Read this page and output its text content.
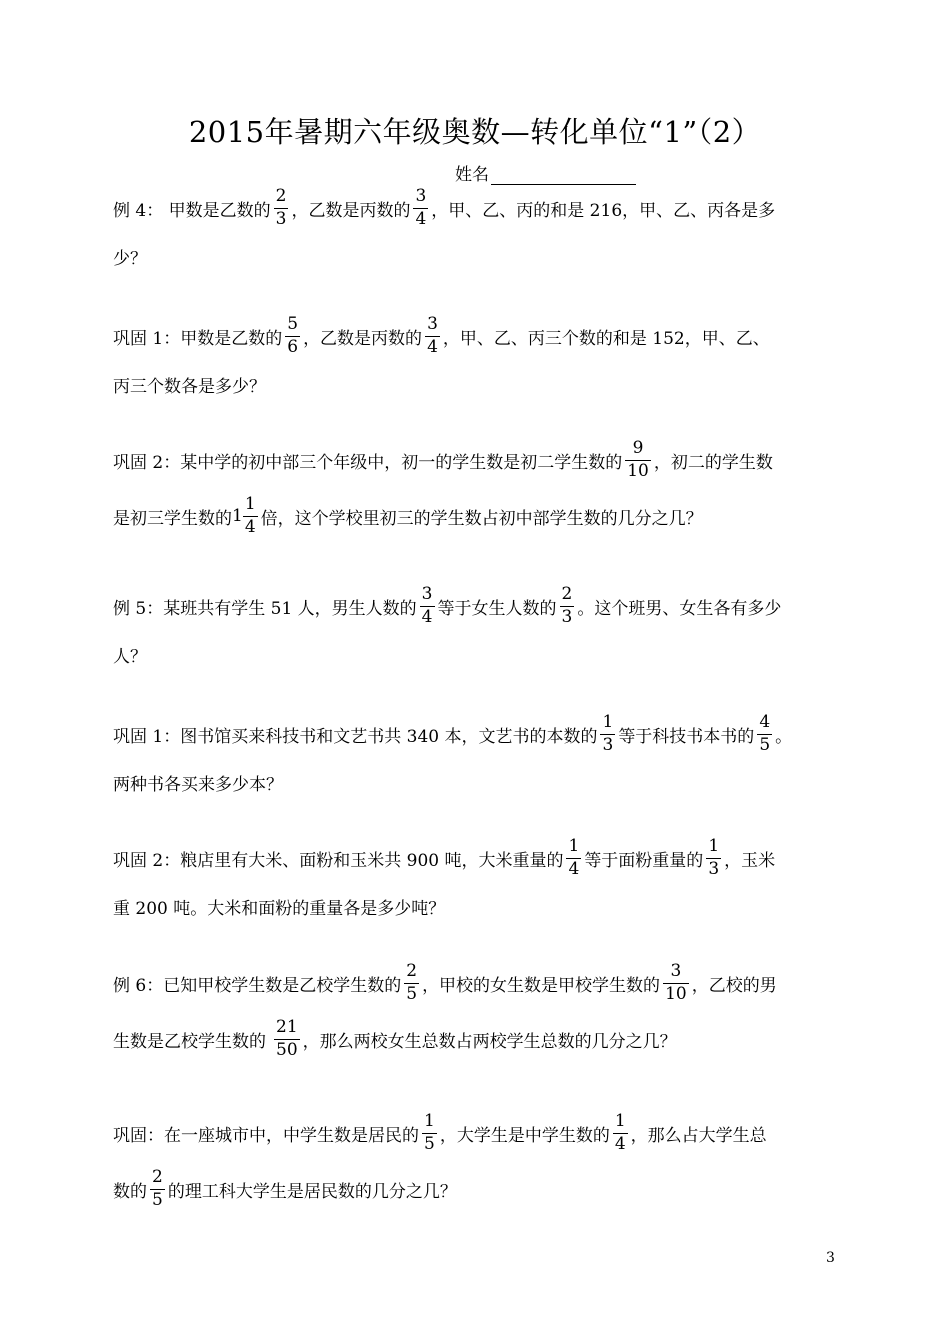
2015年暑期六年级奥数—转化单位“1”（2）
姓名
例 4： 甲数是乙数的 $\frac{2}{3}$ ，乙数是丙数的 $\frac{3}{4}$ ，甲、乙、丙的和是 216，甲、乙、丙各是多
少？
巩固 1：甲数是乙数的 $\frac{5}{6}$ ，乙数是丙数的 $\frac{3}{4}$ ，甲、乙、丙三个数的和是 152，甲、乙、
丙三个数各是多少？
巩固 2：某中学的初中部三个年级中，初一的学生数是初二学生数的 $\frac{9}{10}$ ，初二的学生数
是初三学生数的 $1 \frac{1}{4}$ 倍，这个学校里初三的学生数占初中部学生数的几分之几？
例 5：某班共有学生 51 人，男生人数的 $\frac{3}{4}$ 等于女生人数的 $\frac{2}{3}$ 。这个班男、女生各有多少
人？
巩固 1：图书馆买来科技书和文艺书共 340 本，文艺书的本数的 $\frac{1}{3}$ 等于科技书本书的 $\frac{4}{5}$ 。
两种书各买来多少本？
巩固 2：粮店里有大米、面粉和玉米共 900 吨，大米重量的 $\frac{1}{4}$ 等于面粉重量的 $\frac{1}{3}$ ，玉米
重 200 吨。大米和面粉的重量各是多少吨？
例 6：已知甲校学生数是乙校学生数的 $\frac{2}{5}$ ，甲校的女生数是甲校学生数的 $\frac{3}{10}$ ，乙校的男
生数是乙校学生数的 $\frac{21}{50}$ ，那么两校女生总数占两校学生总数的几分之几？
巩固：在一座城市中，中学生数是居民的 $\frac{1}{5}$ ，大学生是中学生数的 $\frac{1}{4}$ ，那么占大学生总
数的 $\frac{2}{5}$ 的理工科大学生是居民数的几分之几？
3
